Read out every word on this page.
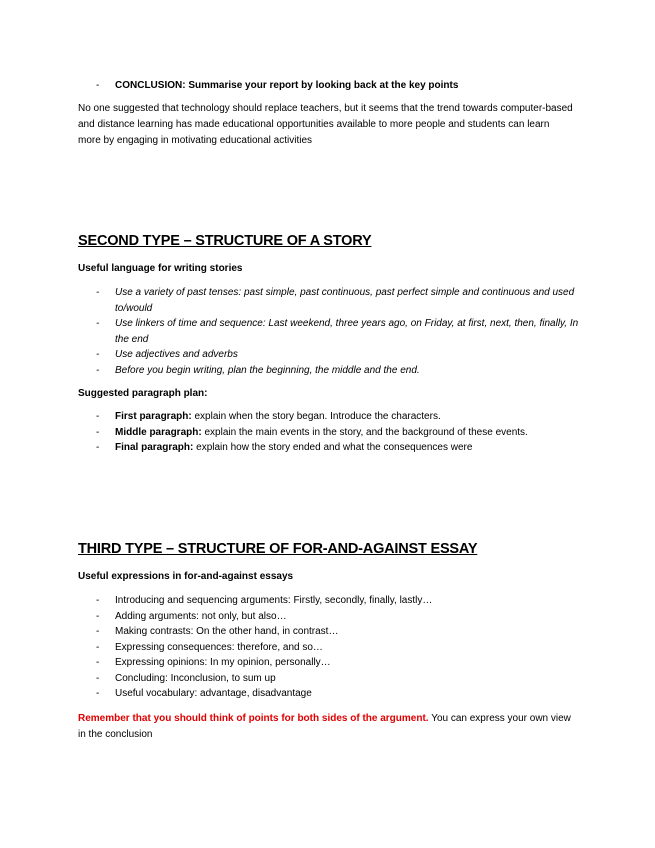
- CONCLUSION: Summarise your report by looking back at the key points

No one suggested that technology should replace teachers, but it seems that the trend towards computer-based and distance learning has made educational opportunities available to more people and students can learn more by engaging in motivating educational activities

SECOND TYPE – STRUCTURE OF A STORY

Useful language for writing stories

- Use a variety of past tenses: past simple, past continuous, past perfect simple and continuous and used to/would
- Use linkers of time and sequence: Last weekend, three years ago, on Friday, at first, next, then, finally, In the end
- Use adjectives and adverbs
- Before you begin writing, plan the beginning, the middle and the end.

Suggested paragraph plan:

- First paragraph: explain when the story began. Introduce the characters.
- Middle paragraph: explain the main events in the story, and the background of these events.
- Final paragraph: explain how the story ended and what the consequences were
THIRD TYPE – STRUCTURE OF FOR-AND-AGAINST ESSAY

Useful expressions in for-and-against essays

- Introducing and sequencing arguments: Firstly, secondly, finally, lastly…
- Adding arguments: not only, but also…
- Making contrasts: On the other hand, in contrast…
- Expressing consequences: therefore, and so…
- Expressing opinions: In my opinion, personally…
- Concluding: Inconclusion, to sum up
- Useful vocabulary: advantage, disadvantage

Remember that you should think of points for both sides of the argument. You can express your own view in the conclusion
